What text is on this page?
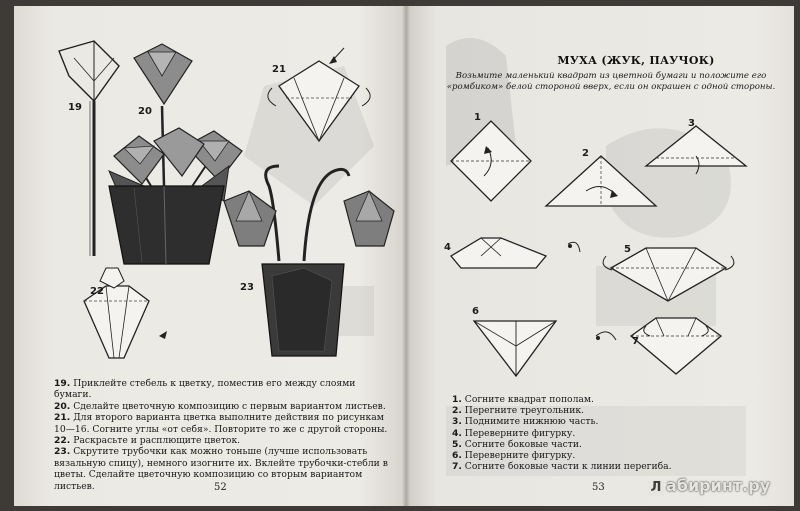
19	20
21
23
22

19. Приклейте стебель к цветку, поместив его между слоями бумаги.

20. Сделайте цветочную композицию с первым вариантом листьев.

21. Для второго варианта цветка выполните действия по рисункам 10—16. Согните углы «от себя». Повторите то же с другой стороны.

22. Раскрасьте и расплющите цветок.

23. Скрутите трубочки как можно тоньше (лучше использовать вязальную спицу), немного изогните их. Вклейте трубочки-стебли в цветы. Сделайте цветочную композицию со вторым вариантом листьев.	52
МУХА (ЖУК, ПАУЧОК)
Возьмите маленький квадрат из цветной бумаги и положите его «ромбиком» белой стороной вверх, если он окрашен с одной стороны.
1
2
3
4	5
6
7
1. Согните квадрат пополам.
2. Перегните треугольник.
3. Поднимите нижнюю часть.
4. Переверните фигурку.
5. Согните боковые части.
6. Переверните фигурку.
7. Согните боковые части к линии перегиба.
53	Л абиринт.ру
